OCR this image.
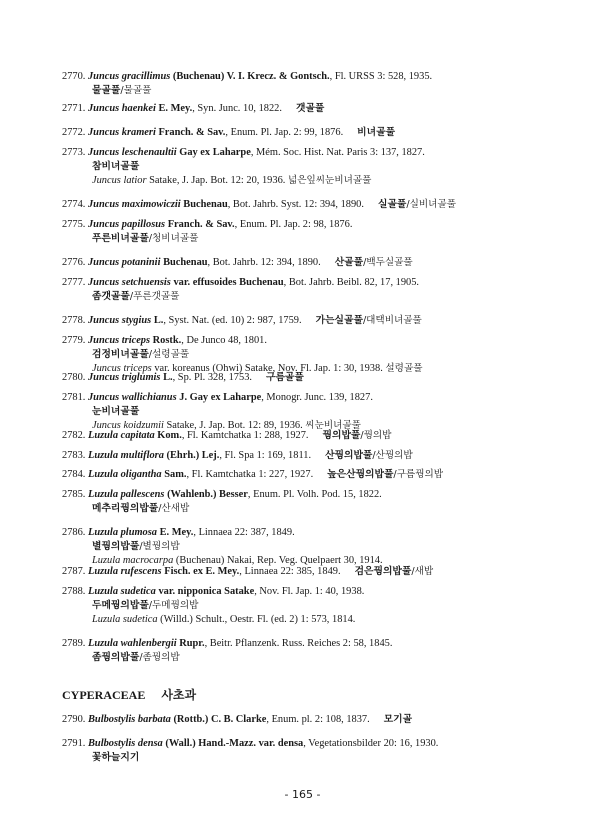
2770. Juncus gracillimus (Buchenau) V. I. Krecz. & Gontsch., Fl. URSS 3: 528, 1935.
물골풀/물골풀
2771. Juncus haenkei E. Mey., Syn. Junc. 10, 1822. 갯골풀
2772. Juncus krameri Franch. & Sav., Enum. Pl. Jap. 2: 99, 1876. 비녀골풀
2773. Juncus leschenaultii Gay ex Laharpe, Mém. Soc. Hist. Nat. Paris 3: 137, 1827.
참비녀골풀
Juncus latior Satake, J. Jap. Bot. 12: 20, 1936. 넓은잎씨눈비녀골풀
2774. Juncus maximowiczii Buchenau, Bot. Jahrb. Syst. 12: 394, 1890. 실골풀/실비녀골풀
2775. Juncus papillosus Franch. & Sav., Enum. Pl. Jap. 2: 98, 1876.
푸른비녀골풀/청비녀골풀
2776. Juncus potaninii Buchenau, Bot. Jahrb. 12: 394, 1890. 산골풀/백두실골풀
2777. Juncus setchuensis var. effusoides Buchenau, Bot. Jahrb. Beibl. 82, 17, 1905.
좀갯골풀/푸른갯골풀
2778. Juncus stygius L., Syst. Nat. (ed. 10) 2: 987, 1759. 가는실골풀/대택비녀골풀
2779. Juncus triceps Rostk., De Junco 48, 1801.
검정비녀골풀/설령골풀
Juncus triceps var. koreanus (Ohwi) Satake, Nov. Fl. Jap. 1: 30, 1938. 설령골풀
2780. Juncus triglumis L., Sp. Pl. 328, 1753. 구름골풀
2781. Juncus wallichianus J. Gay ex Laharpe, Monogr. Junc. 139, 1827.
눈비녀골풀
Juncus koidzumii Satake, J. Jap. Bot. 12: 89, 1936. 씨눈비녀골풀
2782. Luzula capitata Kom., Fl. Kamtchatka 1: 288, 1927. 꿩의밥풀/꿩의밥
2783. Luzula multiflora (Ehrh.) Lej., Fl. Spa 1: 169, 1811. 산꿩의밥풀/산꿩의밥
2784. Luzula oligantha Sam., Fl. Kamtchatka 1: 227, 1927. 높은산꿩의밥풀/구름꿩의밥
2785. Luzula pallescens (Wahlenb.) Besser, Enum. Pl. Volh. Pod. 15, 1822.
메추리꿩의밥풀/산새밥
2786. Luzula plumosa E. Mey., Linnaea 22: 387, 1849.
별꿩의밥풀/별꿩의밥
Luzula macrocarpa (Buchenau) Nakai, Rep. Veg. Quelpaert 30, 1914.
2787. Luzula rufescens Fisch. ex E. Mey., Linnaea 22: 385, 1849. 검은꿩의밥풀/새밥
2788. Luzula sudetica var. nipponica Satake, Nov. Fl. Jap. 1: 40, 1938.
두메꿩의밥풀/두메꿩의밥
Luzula sudetica (Willd.) Schult., Oestr. Fl. (ed. 2) 1: 573, 1814.
2789. Luzula wahlenbergii Rupr., Beitr. Pflanzenk. Russ. Reiches 2: 58, 1845.
좀꿩의밥풀/좀꿩의밥
CYPERACEAE 사초과
2790. Bulbostylis barbata (Rottb.) C. B. Clarke, Enum. pl. 2: 108, 1837. 모기골
2791. Bulbostylis densa (Wall.) Hand.-Mazz. var. densa, Vegetationsbilder 20: 16, 1930.
꽃하늘지기
- 165 -
